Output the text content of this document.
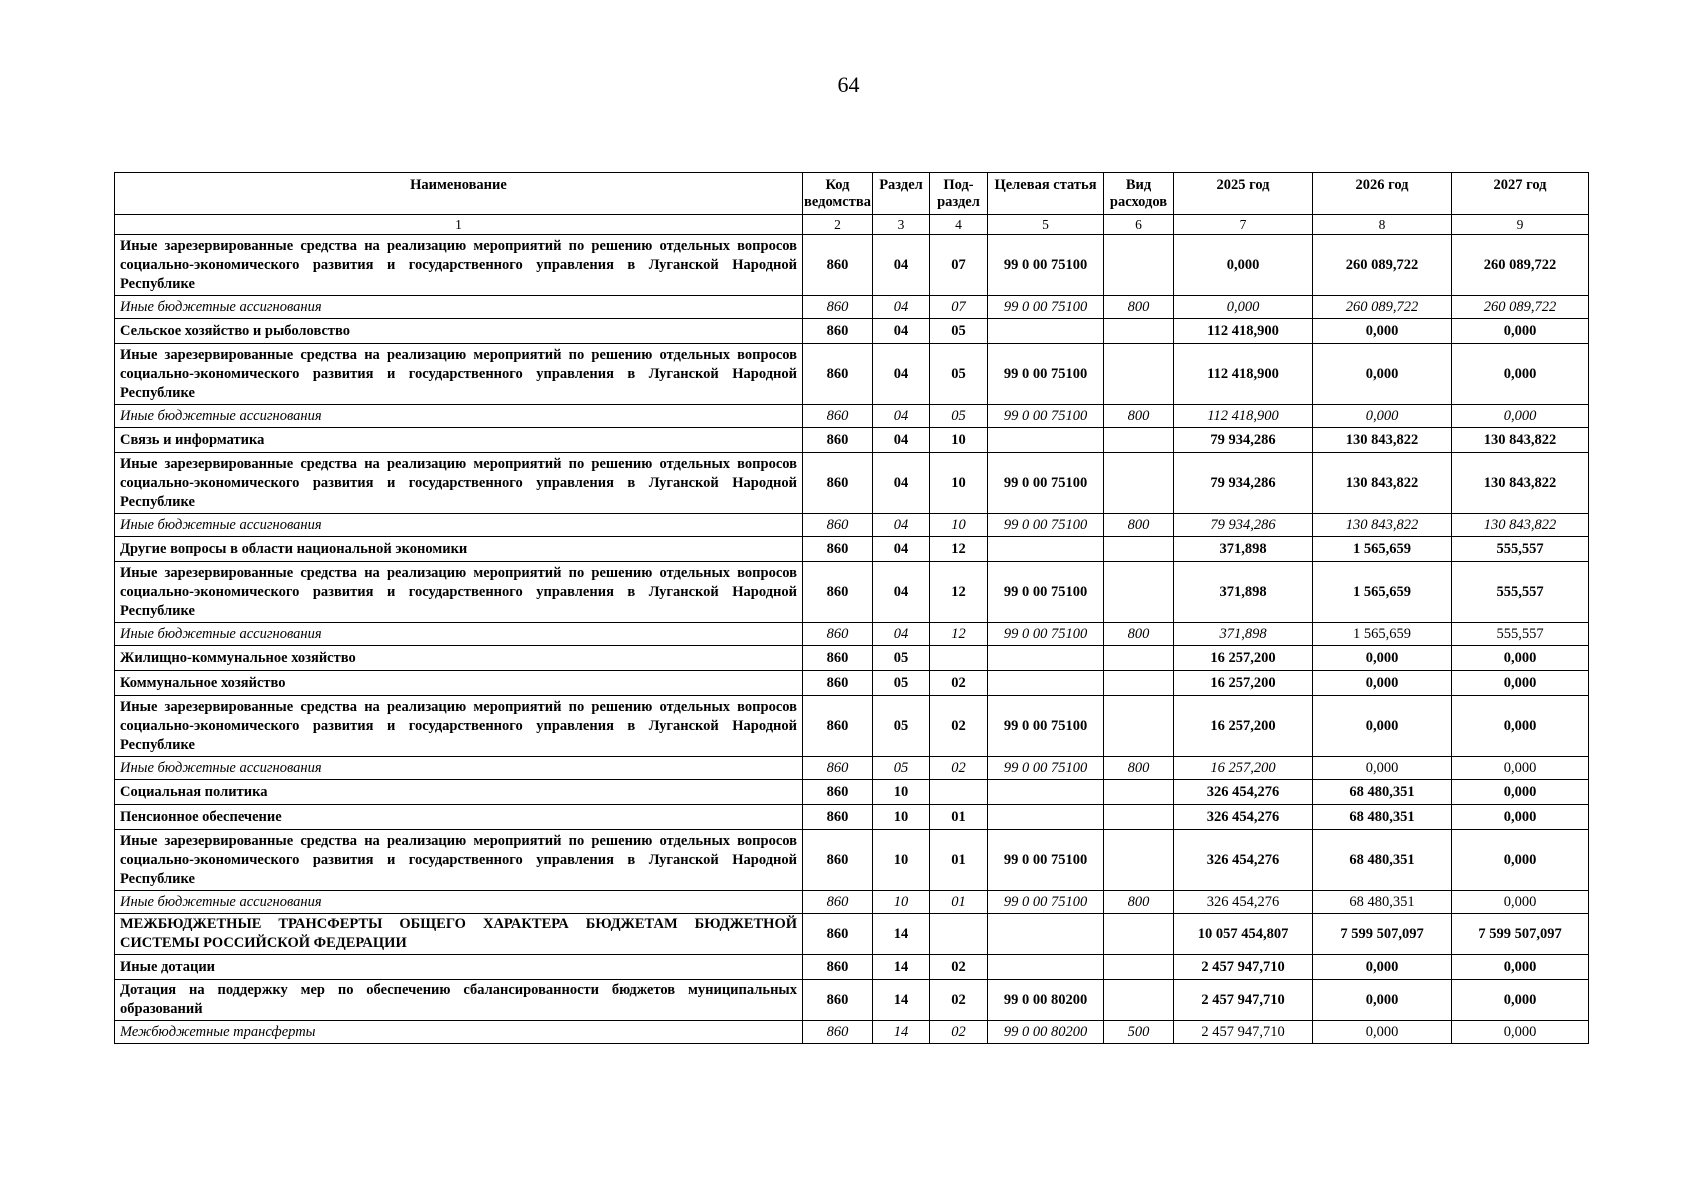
64
Наименование	Код ведомства	Раздел	Под-раздел	Целевая статья	Вид расходов	2025 год	2026 год	2027 год
1	2	3	4	5	6	7	8	9
Иные зарезервированные средства на реализацию мероприятий по решению отдельных вопросов социально-экономического развития и государственного управления в Луганской Народной Республике	860	04	07	99 0 00 75100		0,000	260 089,722	260 089,722
Иные бюджетные ассигнования	860	04	07	99 0 00 75100	800	0,000	260 089,722	260 089,722
Сельское хозяйство и рыболовство	860	04	05			112 418,900	0,000	0,000
Иные зарезервированные средства на реализацию мероприятий по решению отдельных вопросов социально-экономического развития и государственного управления в Луганской Народной Республике	860	04	05	99 0 00 75100		112 418,900	0,000	0,000
Иные бюджетные ассигнования	860	04	05	99 0 00 75100	800	112 418,900	0,000	0,000
Связь и информатика	860	04	10			79 934,286	130 843,822	130 843,822
Иные зарезервированные средства на реализацию мероприятий по решению отдельных вопросов социально-экономического развития и государственного управления в Луганской Народной Республике	860	04	10	99 0 00 75100		79 934,286	130 843,822	130 843,822
Иные бюджетные ассигнования	860	04	10	99 0 00 75100	800	79 934,286	130 843,822	130 843,822
Другие вопросы в области национальной экономики	860	04	12			371,898	1 565,659	555,557
Иные зарезервированные средства на реализацию мероприятий по решению отдельных вопросов социально-экономического развития и государственного управления в Луганской Народной Республике	860	04	12	99 0 00 75100		371,898	1 565,659	555,557
Иные бюджетные ассигнования	860	04	12	99 0 00 75100	800	371,898	1 565,659	555,557
Жилищно-коммунальное хозяйство	860	05				16 257,200	0,000	0,000
Коммунальное хозяйство	860	05	02			16 257,200	0,000	0,000
Иные зарезервированные средства на реализацию мероприятий по решению отдельных вопросов социально-экономического развития и государственного управления в Луганской Народной Республике	860	05	02	99 0 00 75100		16 257,200	0,000	0,000
Иные бюджетные ассигнования	860	05	02	99 0 00 75100	800	16 257,200	0,000	0,000
Социальная политика	860	10				326 454,276	68 480,351	0,000
Пенсионное обеспечение	860	10	01			326 454,276	68 480,351	0,000
Иные зарезервированные средства на реализацию мероприятий по решению отдельных вопросов социально-экономического развития и государственного управления в Луганской Народной Республике	860	10	01	99 0 00 75100		326 454,276	68 480,351	0,000
Иные бюджетные ассигнования	860	10	01	99 0 00 75100	800	326 454,276	68 480,351	0,000
МЕЖБЮДЖЕТНЫЕ ТРАНСФЕРТЫ ОБЩЕГО ХАРАКТЕРА БЮДЖЕТАМ БЮДЖЕТНОЙ СИСТЕМЫ РОССИЙСКОЙ ФЕДЕРАЦИИ	860	14				10 057 454,807	7 599 507,097	7 599 507,097
Иные дотации	860	14	02			2 457 947,710	0,000	0,000
Дотация на поддержку мер по обеспечению сбалансированности бюджетов муниципальных образований	860	14	02	99 0 00 80200		2 457 947,710	0,000	0,000
Межбюджетные трансферты	860	14	02	99 0 00 80200	500	2 457 947,710	0,000	0,000
